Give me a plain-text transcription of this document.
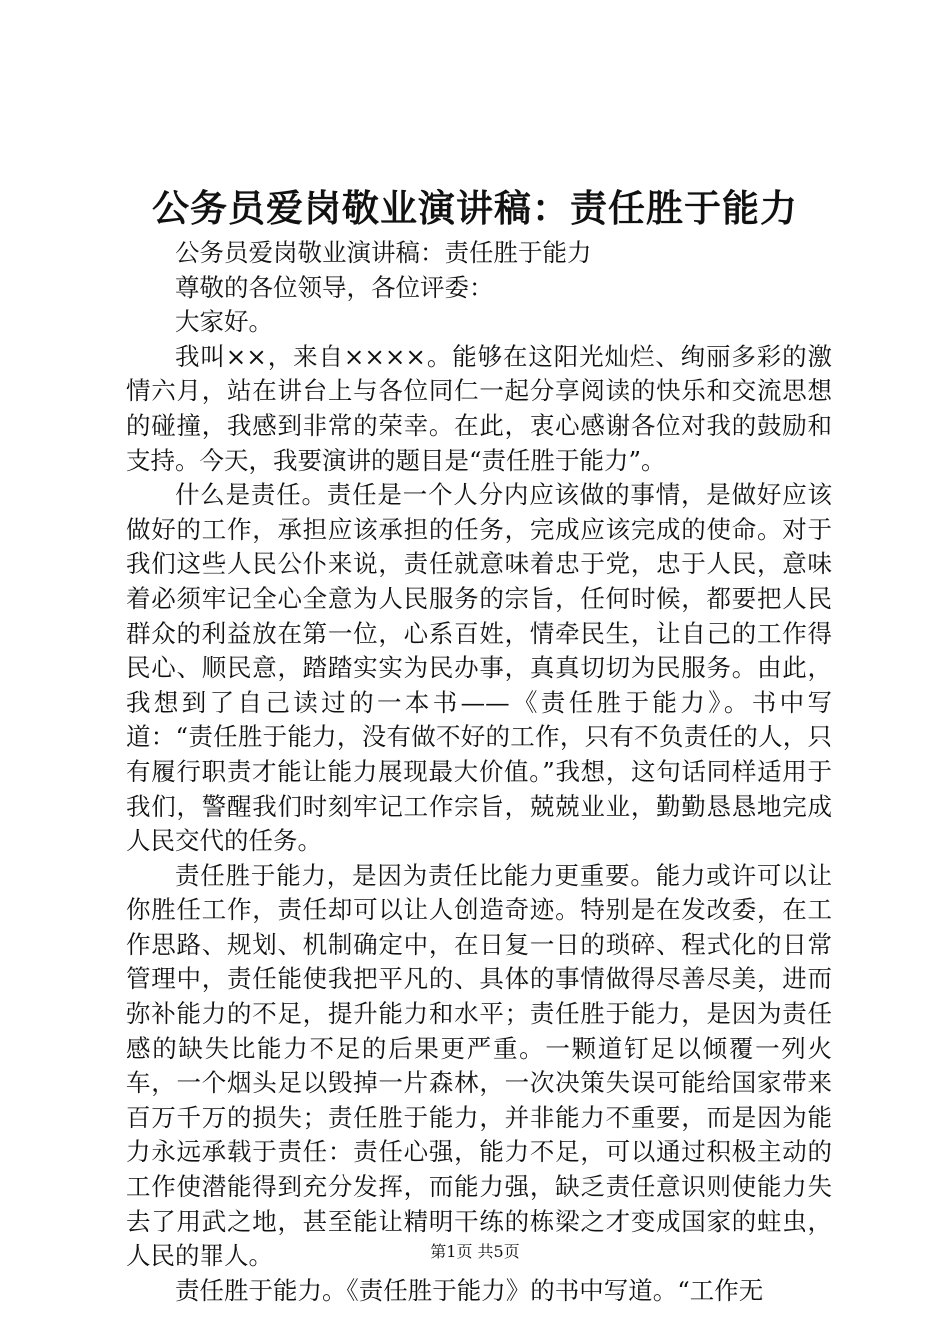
公务员爱岗敬业演讲稿：责任胜于能力

公务员爱岗敬业演讲稿：责任胜于能力

尊敬的各位领导，各位评委：

大家好。

我叫××，来自××××。能够在这阳光灿烂、绚丽多彩的激情六月，站在讲台上与各位同仁一起分享阅读的快乐和交流思想的碰撞，我感到非常的荣幸。在此，衷心感谢各位对我的鼓励和支持。今天，我要演讲的题目是“责任胜于能力”。

什么是责任。责任是一个人分内应该做的事情，是做好应该做好的工作，承担应该承担的任务，完成应该完成的使命。对于我们这些人民公仆来说，责任就意味着忠于党，忠于人民，意味着必须牢记全心全意为人民服务的宗旨，任何时候，都要把人民群众的利益放在第一位，心系百姓，情牵民生，让自己的工作得民心、顺民意，踏踏实实为民办事，真真切切为民服务。由此，我想到了自己读过的一本书——《责任胜于能力》。书中写道：“责任胜于能力，没有做不好的工作，只有不负责任的人，只有履行职责才能让能力展现最大价值。”我想，这句话同样适用于我们，警醒我们时刻牢记工作宗旨，兢兢业业，勤勤恳恳地完成人民交代的任务。

责任胜于能力，是因为责任比能力更重要。能力或许可以让你胜任工作，责任却可以让人创造奇迹。特别是在发改委，在工作思路、规划、机制确定中，在日复一日的琐碎、程式化的日常管理中，责任能使我把平凡的、具体的事情做得尽善尽美，进而弥补能力的不足，提升能力和水平；责任胜于能力，是因为责任感的缺失比能力不足的后果更严重。一颗道钉足以倾覆一列火车，一个烟头足以毁掉一片森林，一次决策失误可能给国家带来百万千万的损失；责任胜于能力，并非能力不重要，而是因为能力永远承载于责任：责任心强，能力不足，可以通过积极主动的工作使潜能得到充分发挥，而能力强，缺乏责任意识则使能力失去了用武之地，甚至能让精明干练的栋梁之才变成国家的蛀虫，人民的罪人。

责任胜于能力。《责任胜于能力》的书中写道。“工作无

第1页 共5页
